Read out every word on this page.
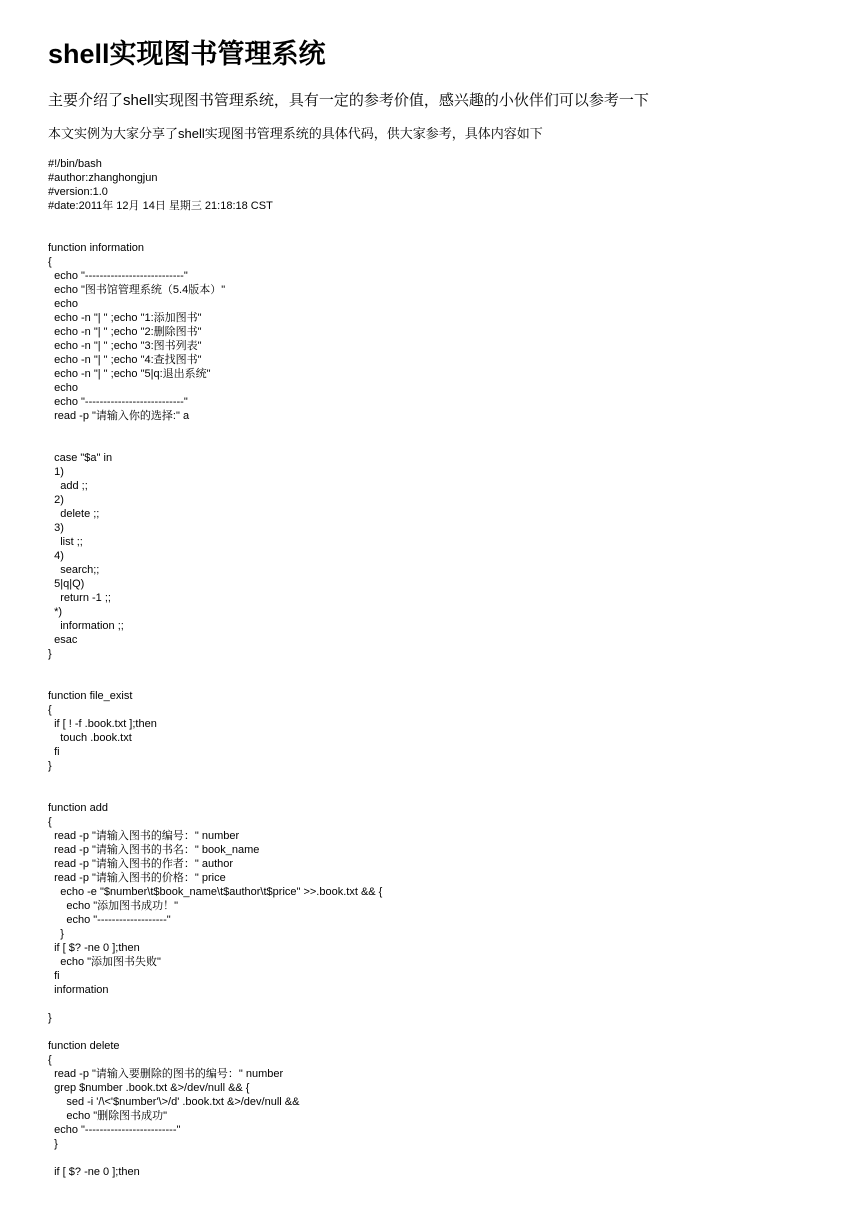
shell实现图书管理系统

主要介绍了shell实现图书管理系统，具有一定的参考价值，感兴趣的小伙伴们可以参考一下

本文实例为大家分享了shell实现图书管理系统的具体代码，供大家参考，具体内容如下

#!/bin/bash
#author:zhanghongjun
#version:1.0
#date:2011年 12月 14日 星期三 21:18:18 CST
function information
{
echo "---------------------------"
echo "图书馆管理系统（5.4版本）"
echo
echo -n "| " ;echo "1:添加图书"
echo -n "| " ;echo "2:删除图书"
echo -n "| " ;echo "3:图书列表"
echo -n "| " ;echo "4:查找图书"
echo -n "| " ;echo "5|q:退出系统"
echo
echo "---------------------------"
read -p "请输入你的选择:" a
case "$a" in
1)
add ;;
2)
delete ;;
3)
list ;;
4)
search;;
5|q|Q)
return -1 ;;
*)
information ;;
esac
}
function file_exist
{
if [ ! -f .book.txt ];then
touch .book.txt
fi
}
function add
{
read -p "请输入图书的编号：" number
read -p "请输入图书的书名：" book_name
read -p "请输入图书的作者：" author
read -p "请输入图书的价格：" price
echo -e "$number\t$book_name\t$author\t$price" >>.book.txt && {
echo "添加图书成功！"
echo "-------------------"
}
if [ $? -ne 0 ];then
echo "添加图书失败"
fi
information
}
function delete
{
read -p "请输入要删除的图书的编号：" number
grep $number .book.txt &>/dev/null && {
sed -i '/\<'$number'\>/d' .book.txt &>/dev/null &&
echo "删除图书成功"
echo "-------------------------"
}
if [ $? -ne 0 ];then
